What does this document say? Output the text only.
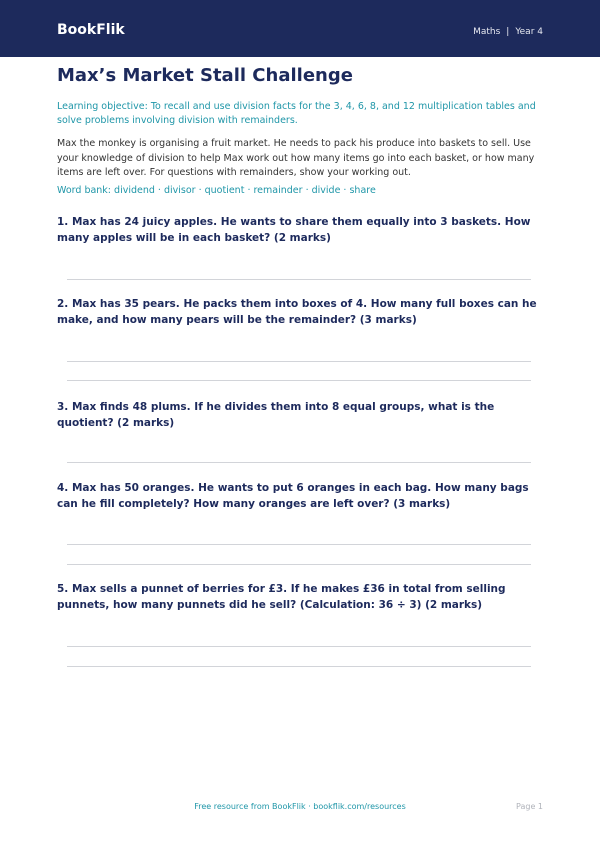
BookFlik	Maths | Year 4
Max’s Market Stall Challenge
Learning objective: To recall and use division facts for the 3, 4, 6, 8, and 12 multiplication tables and solve problems involving division with remainders.
Max the monkey is organising a fruit market. He needs to pack his produce into baskets to sell. Use your knowledge of division to help Max work out how many items go into each basket, or how many items are left over. For questions with remainders, show your working out.
Word bank: dividend · divisor · quotient · remainder · divide · share
1. Max has 24 juicy apples. He wants to share them equally into 3 baskets. How many apples will be in each basket? (2 marks)
2. Max has 35 pears. He packs them into boxes of 4. How many full boxes can he make, and how many pears will be the remainder? (3 marks)
3. Max finds 48 plums. If he divides them into 8 equal groups, what is the quotient? (2 marks)
4. Max has 50 oranges. He wants to put 6 oranges in each bag. How many bags can he fill completely? How many oranges are left over? (3 marks)
5. Max sells a punnet of berries for £3. If he makes £36 in total from selling punnets, how many punnets did he sell? (Calculation: 36 ÷ 3) (2 marks)
Free resource from BookFlik · bookflik.com/resources	Page 1
